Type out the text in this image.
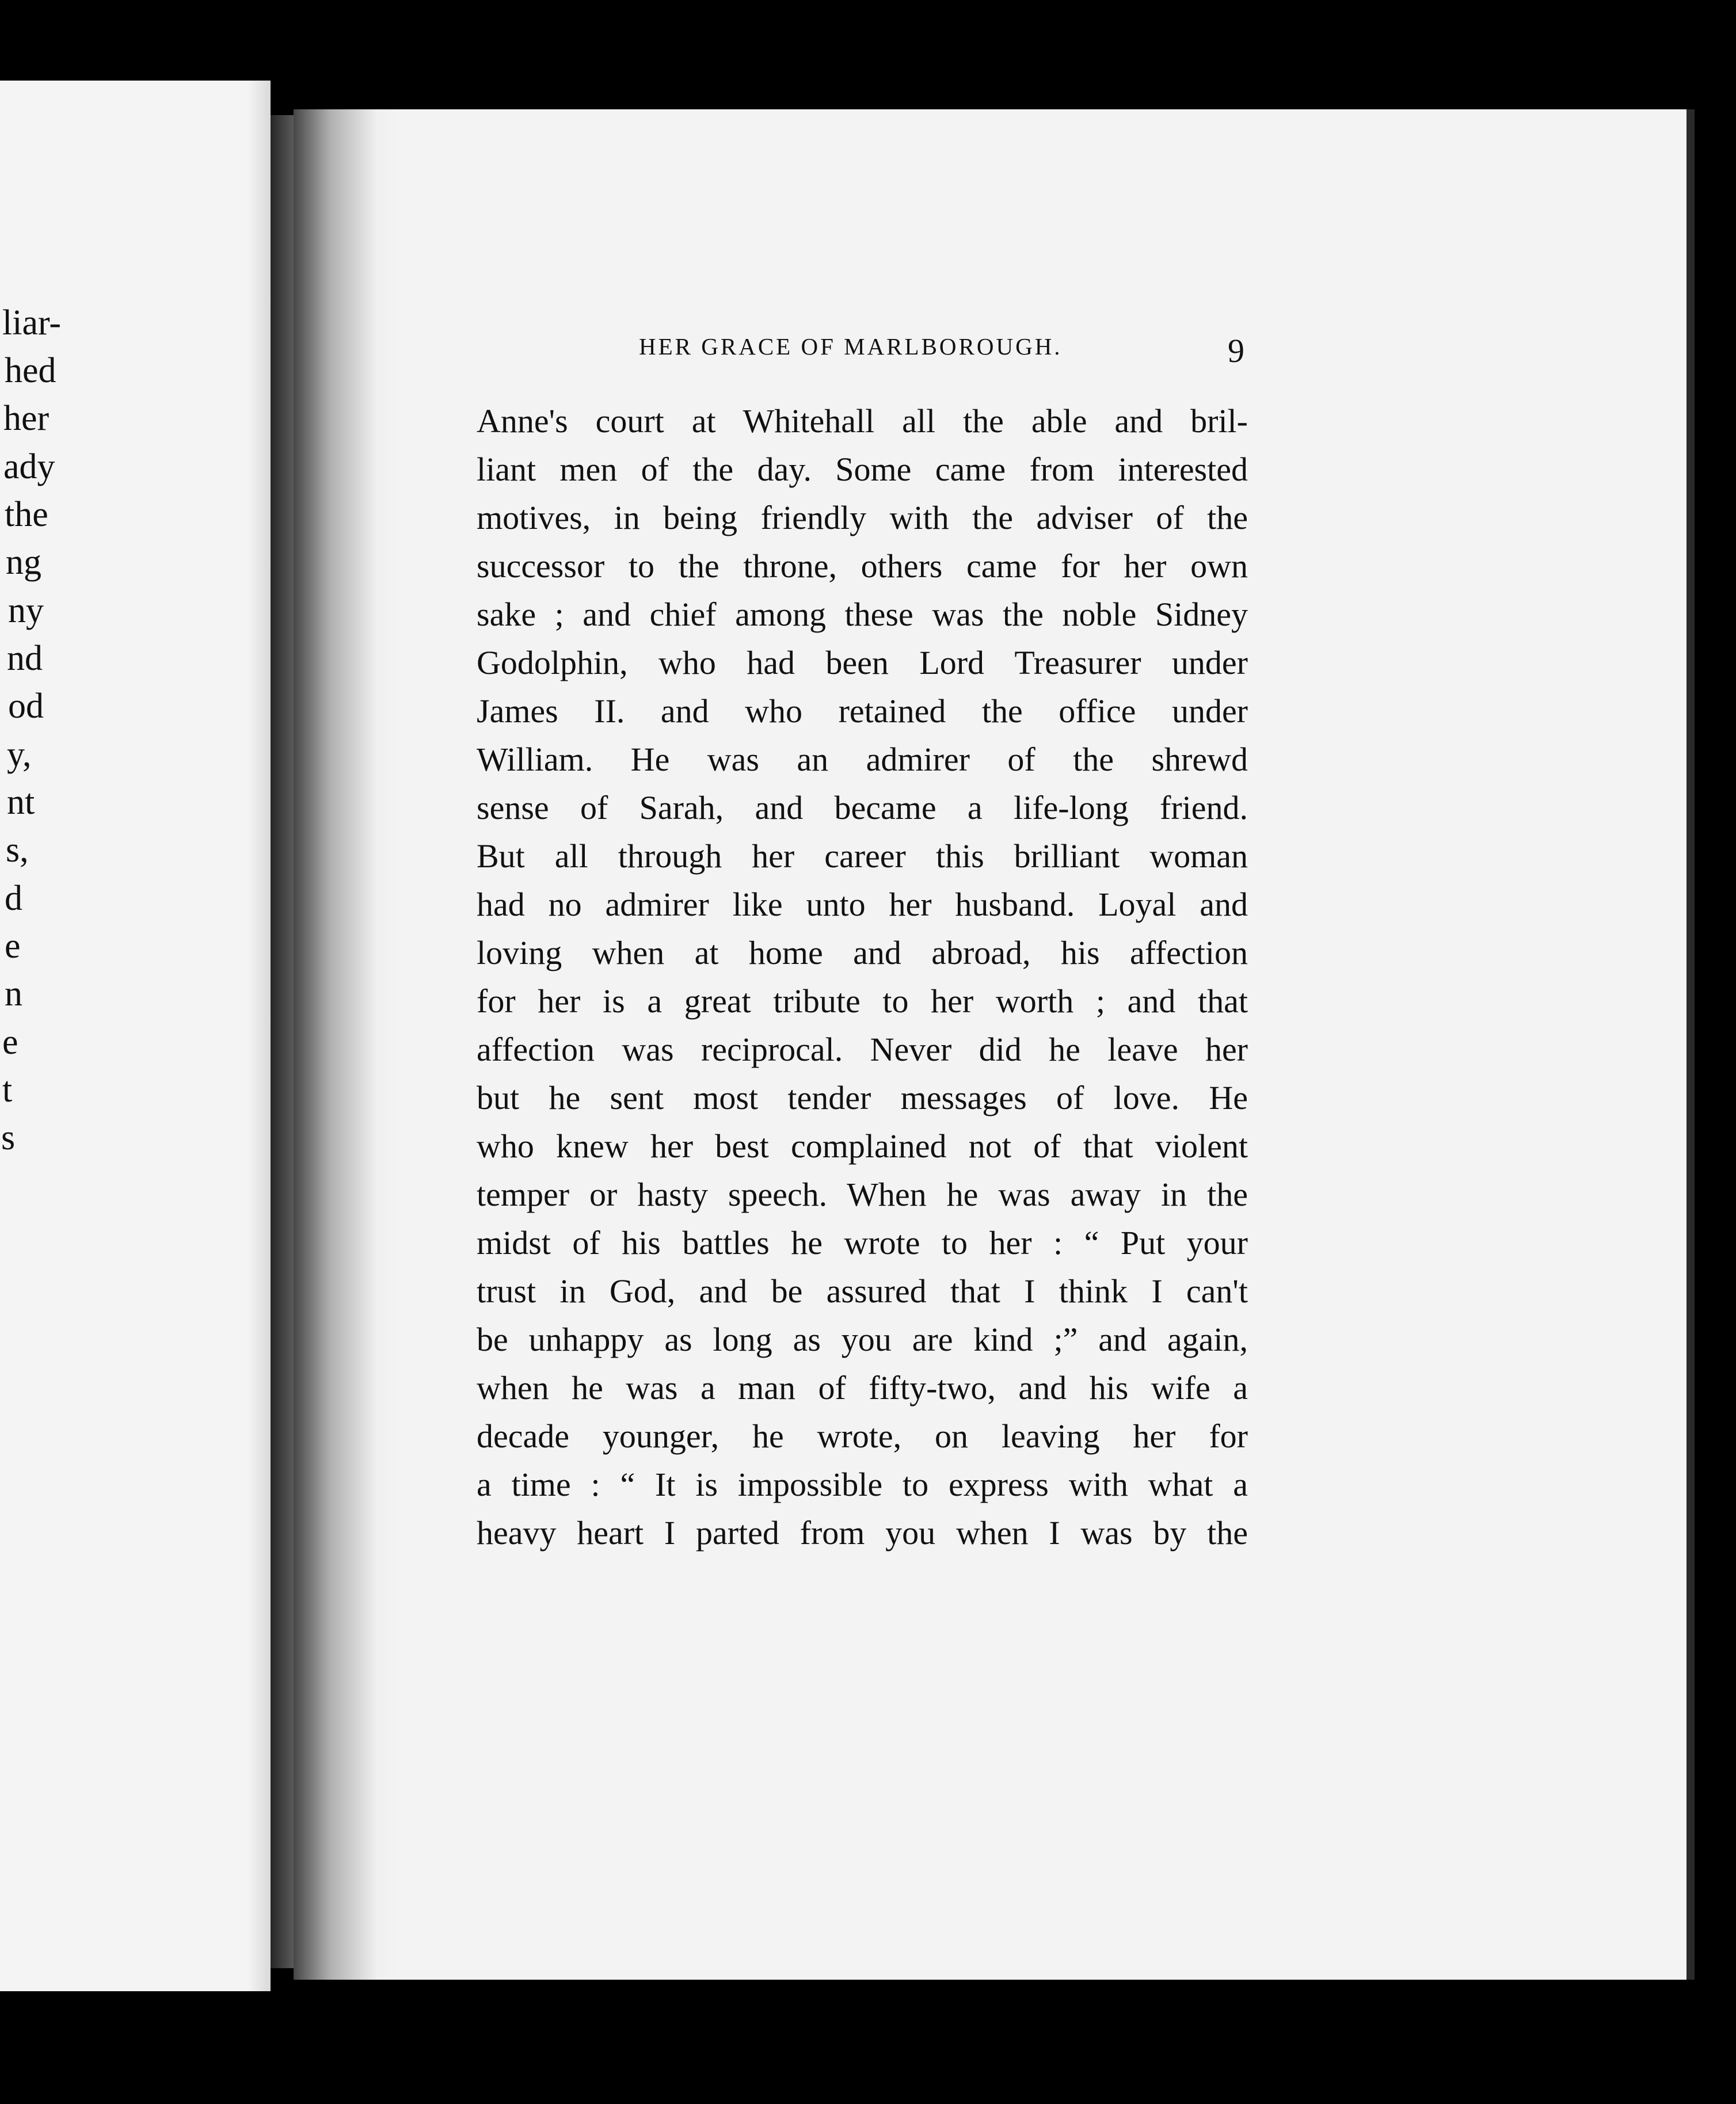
liar-
hed
her
ady
the
ng
ny
nd
od
y,
nt
s,
d
e
n
e
t
s
HER GRACE OF MARLBOROUGH.	9
Anne's court at Whitehall all the able and bril-
liant men of the day. Some came from interested
motives, in being friendly with the adviser of the
successor to the throne, others came for her own
sake ; and chief among these was the noble Sidney
Godolphin, who had been Lord Treasurer under
James II. and who retained the office under
William. He was an admirer of the shrewd
sense of Sarah, and became a life-long friend.
But all through her career this brilliant woman
had no admirer like unto her husband. Loyal and
loving when at home and abroad, his affection
for her is a great tribute to her worth ; and that
affection was reciprocal. Never did he leave her
but he sent most tender messages of love. He
who knew her best complained not of that violent
temper or hasty speech. When he was away in the
midst of his battles he wrote to her : “ Put your
trust in God, and be assured that I think I can't
be unhappy as long as you are kind ;” and again,
when he was a man of fifty-two, and his wife a
decade younger, he wrote, on leaving her for
a time : “ It is impossible to express with what a
heavy heart I parted from you when I was by the
